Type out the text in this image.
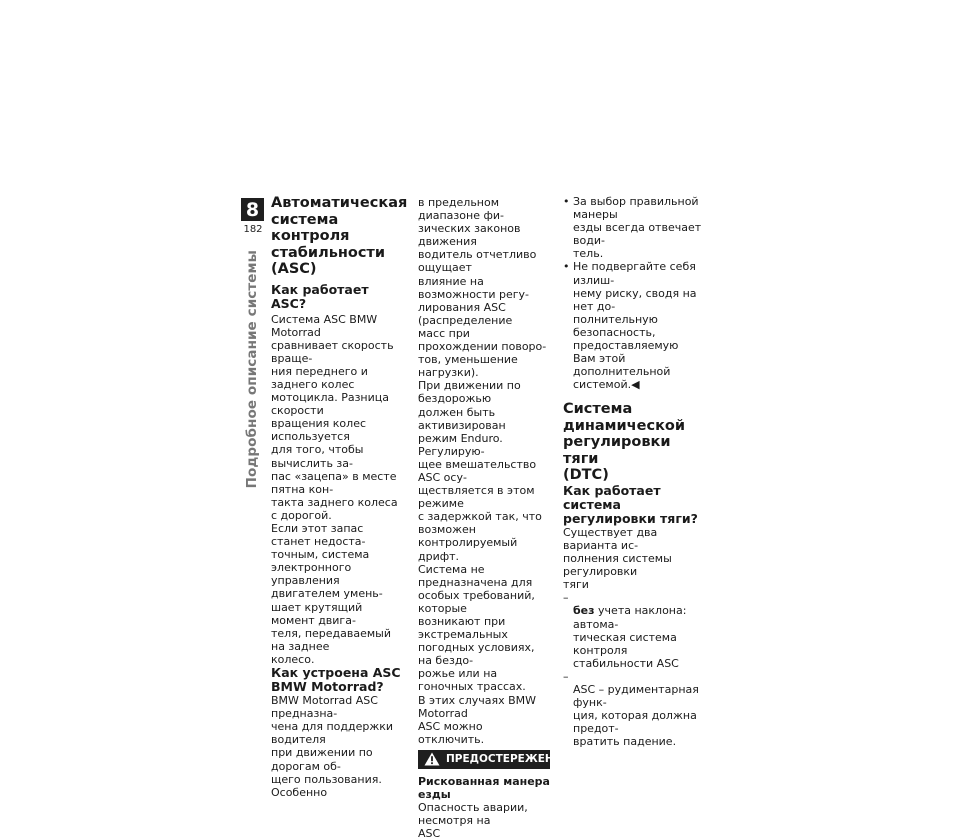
8
182
Подробное описание системы
Автоматическая
система контроля
стабильности (ASC)
Как работает ASC?
Система ASC BMW Motorrad
сравнивает скорость враще-
ния переднего и заднего колес
мотоцикла. Разница скорости
вращения колес используется
для того, чтобы вычислить за-
пас «зацепа» в месте пятна кон-
такта заднего колеса с дорогой.
Если этот запас станет недоста-
точным, система электронного
управления двигателем умень-
шает крутящий момент двига-
теля, передаваемый на заднее
колесо.
Как устроена ASC
BMW Motorrad?
ВМW Motorrad ASC предназна-
чена для поддержки водителя
при движении по дорогам об-
щего пользования. Особенно
в предельном диапазоне фи-
зических законов движения
водитель отчетливо ощущает
влияние на возможности регу-
лирования ASC (распределение
масс при прохождении поворо-
тов, уменьшение нагрузки).
При движении по бездорожью
должен быть активизирован
режим Enduro. Регулирую-
щее вмешательство ASC осу-
ществляется в этом режиме
с задержкой так, что возможен
контролируемый дрифт.
Система не предназначена для
особых требований, которые
возникают при экстремальных
погодных условиях, на бездо-
рожье или на гоночных трассах.
В этих случаях BMW Motorrad
ASC можно отключить.
ПРЕДОСТЕРЕЖЕНИЕ
Рискованная манера езды
Опасность аварии, несмотря на
ASC
• За выбор правильной манеры
езды всегда отвечает води-
тель.
• Не подвергайте себя излиш-
нему риску, сводя на нет до-
полнительную безопасность,
предоставляемую Вам этой
дополнительной системой.◀
Система
динамической
регулировки тяги
(DTC)
Как работает система
регулировки тяги?
Существует два варианта ис-
полнения системы регулировки
тяги

–
без учета наклона: автома-
тическая система контроля
стабильности ASC

–
ASC – рудиментарная функ-
ция, которая должна предот-
вратить падение.
